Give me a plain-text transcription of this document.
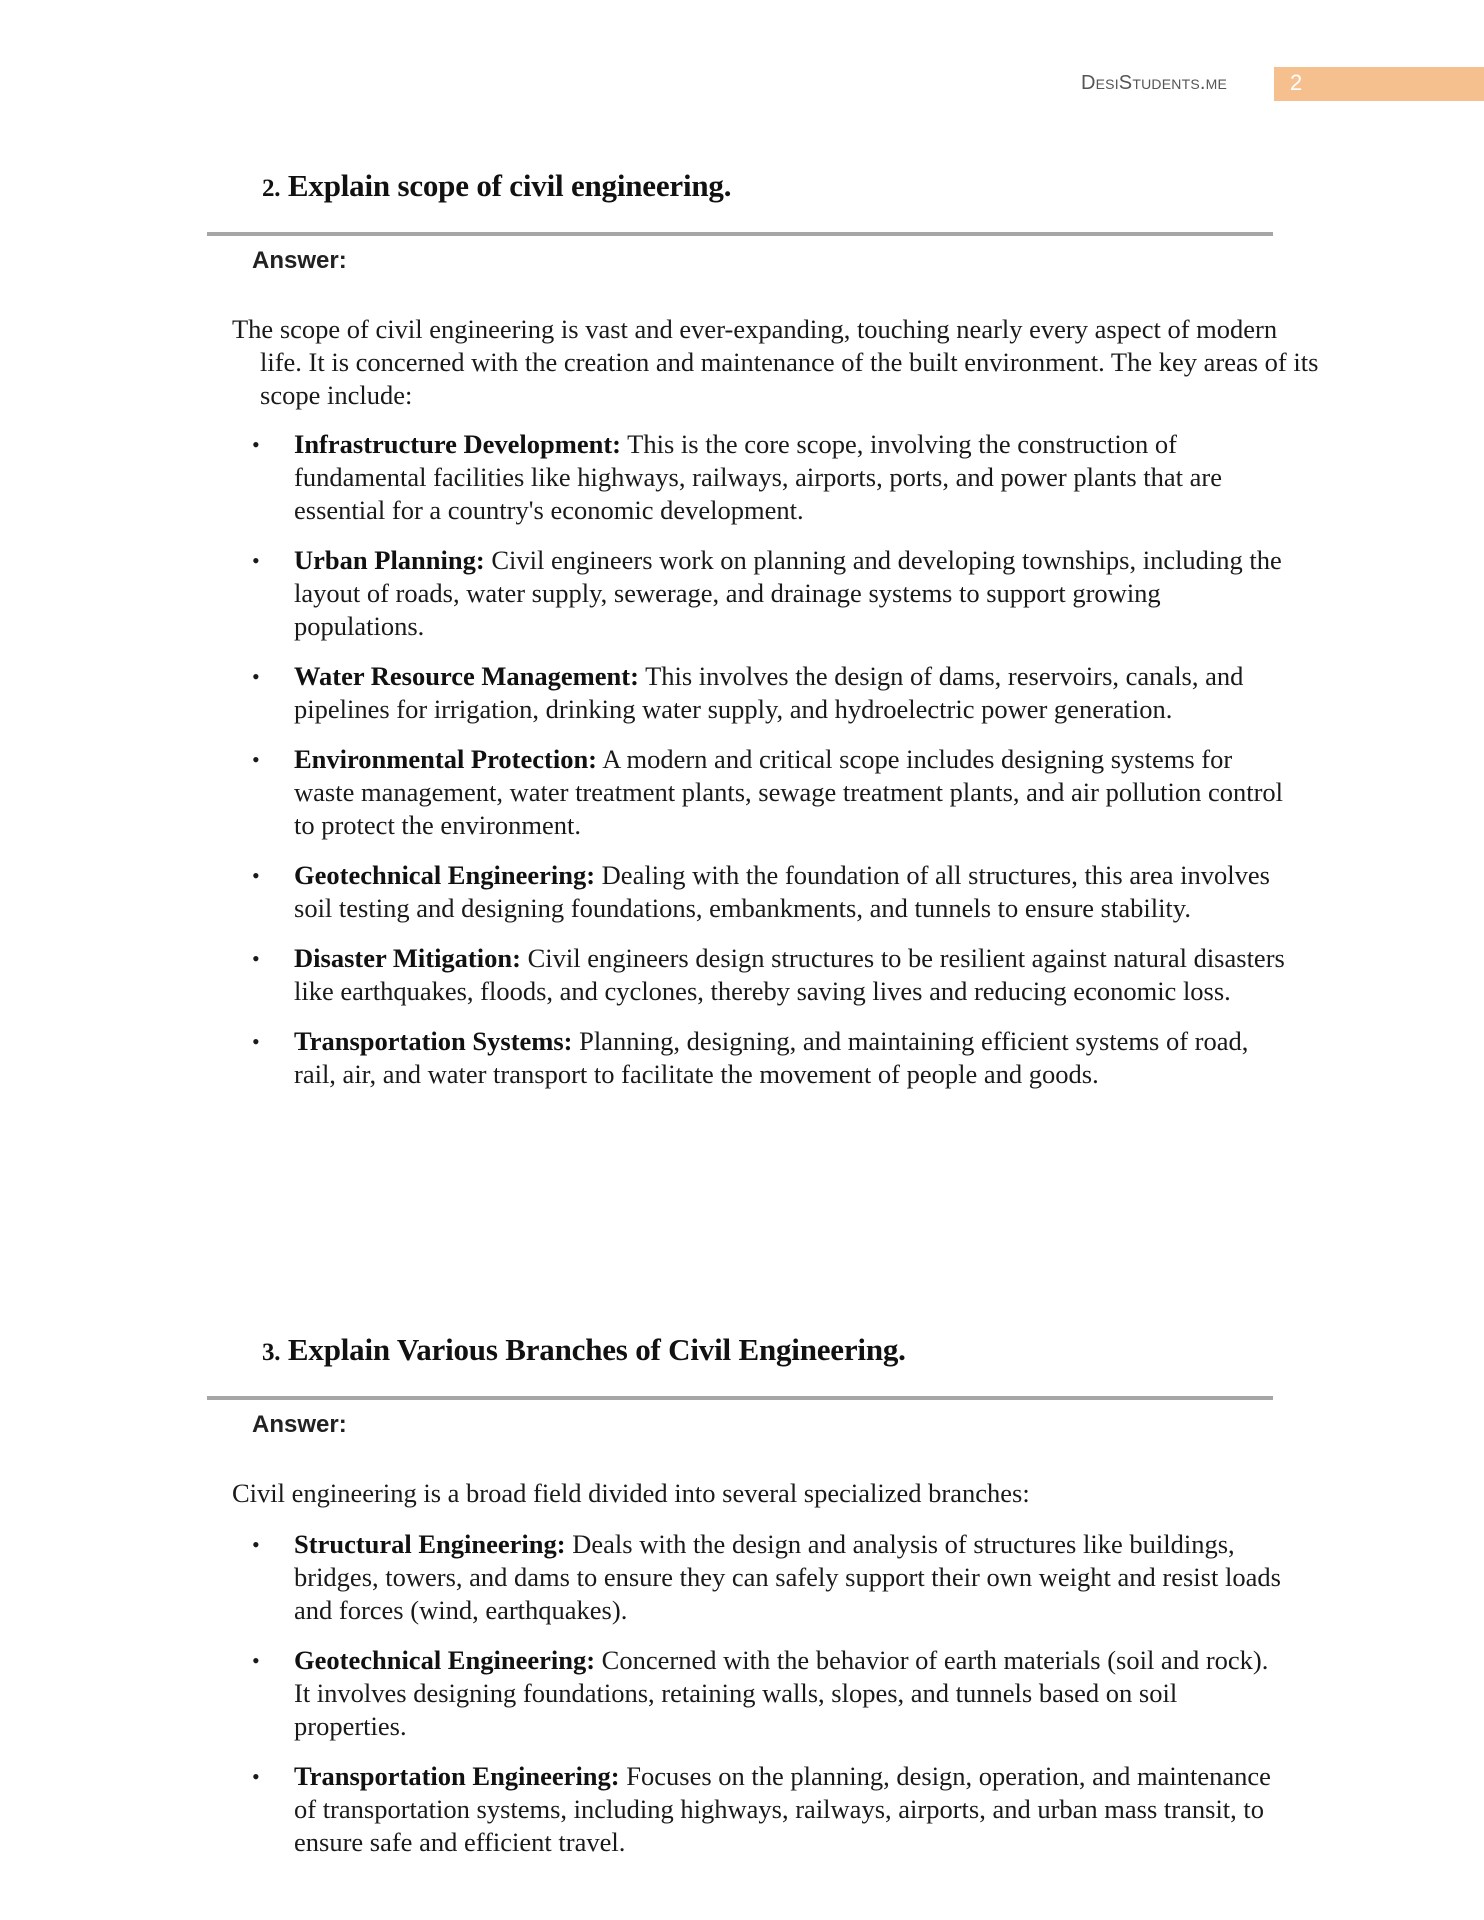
DesiStudents.me	2
2. Explain scope of civil engineering.
Answer:
The scope of civil engineering is vast and ever-expanding, touching nearly every aspect of modern life. It is concerned with the creation and maintenance of the built environment. The key areas of its scope include:
• Infrastructure Development: This is the core scope, involving the construction of fundamental facilities like highways, railways, airports, ports, and power plants that are essential for a country's economic development.
• Urban Planning: Civil engineers work on planning and developing townships, including the layout of roads, water supply, sewerage, and drainage systems to support growing populations.
• Water Resource Management: This involves the design of dams, reservoirs, canals, and pipelines for irrigation, drinking water supply, and hydroelectric power generation.
• Environmental Protection: A modern and critical scope includes designing systems for waste management, water treatment plants, sewage treatment plants, and air pollution control to protect the environment.
• Geotechnical Engineering: Dealing with the foundation of all structures, this area involves soil testing and designing foundations, embankments, and tunnels to ensure stability.
• Disaster Mitigation: Civil engineers design structures to be resilient against natural disasters like earthquakes, floods, and cyclones, thereby saving lives and reducing economic loss.
• Transportation Systems: Planning, designing, and maintaining efficient systems of road, rail, air, and water transport to facilitate the movement of people and goods.
3. Explain Various Branches of Civil Engineering.
Answer:
Civil engineering is a broad field divided into several specialized branches:
• Structural Engineering: Deals with the design and analysis of structures like buildings, bridges, towers, and dams to ensure they can safely support their own weight and resist loads and forces (wind, earthquakes).
• Geotechnical Engineering: Concerned with the behavior of earth materials (soil and rock). It involves designing foundations, retaining walls, slopes, and tunnels based on soil properties.
• Transportation Engineering: Focuses on the planning, design, operation, and maintenance of transportation systems, including highways, railways, airports, and urban mass transit, to ensure safe and efficient travel.
